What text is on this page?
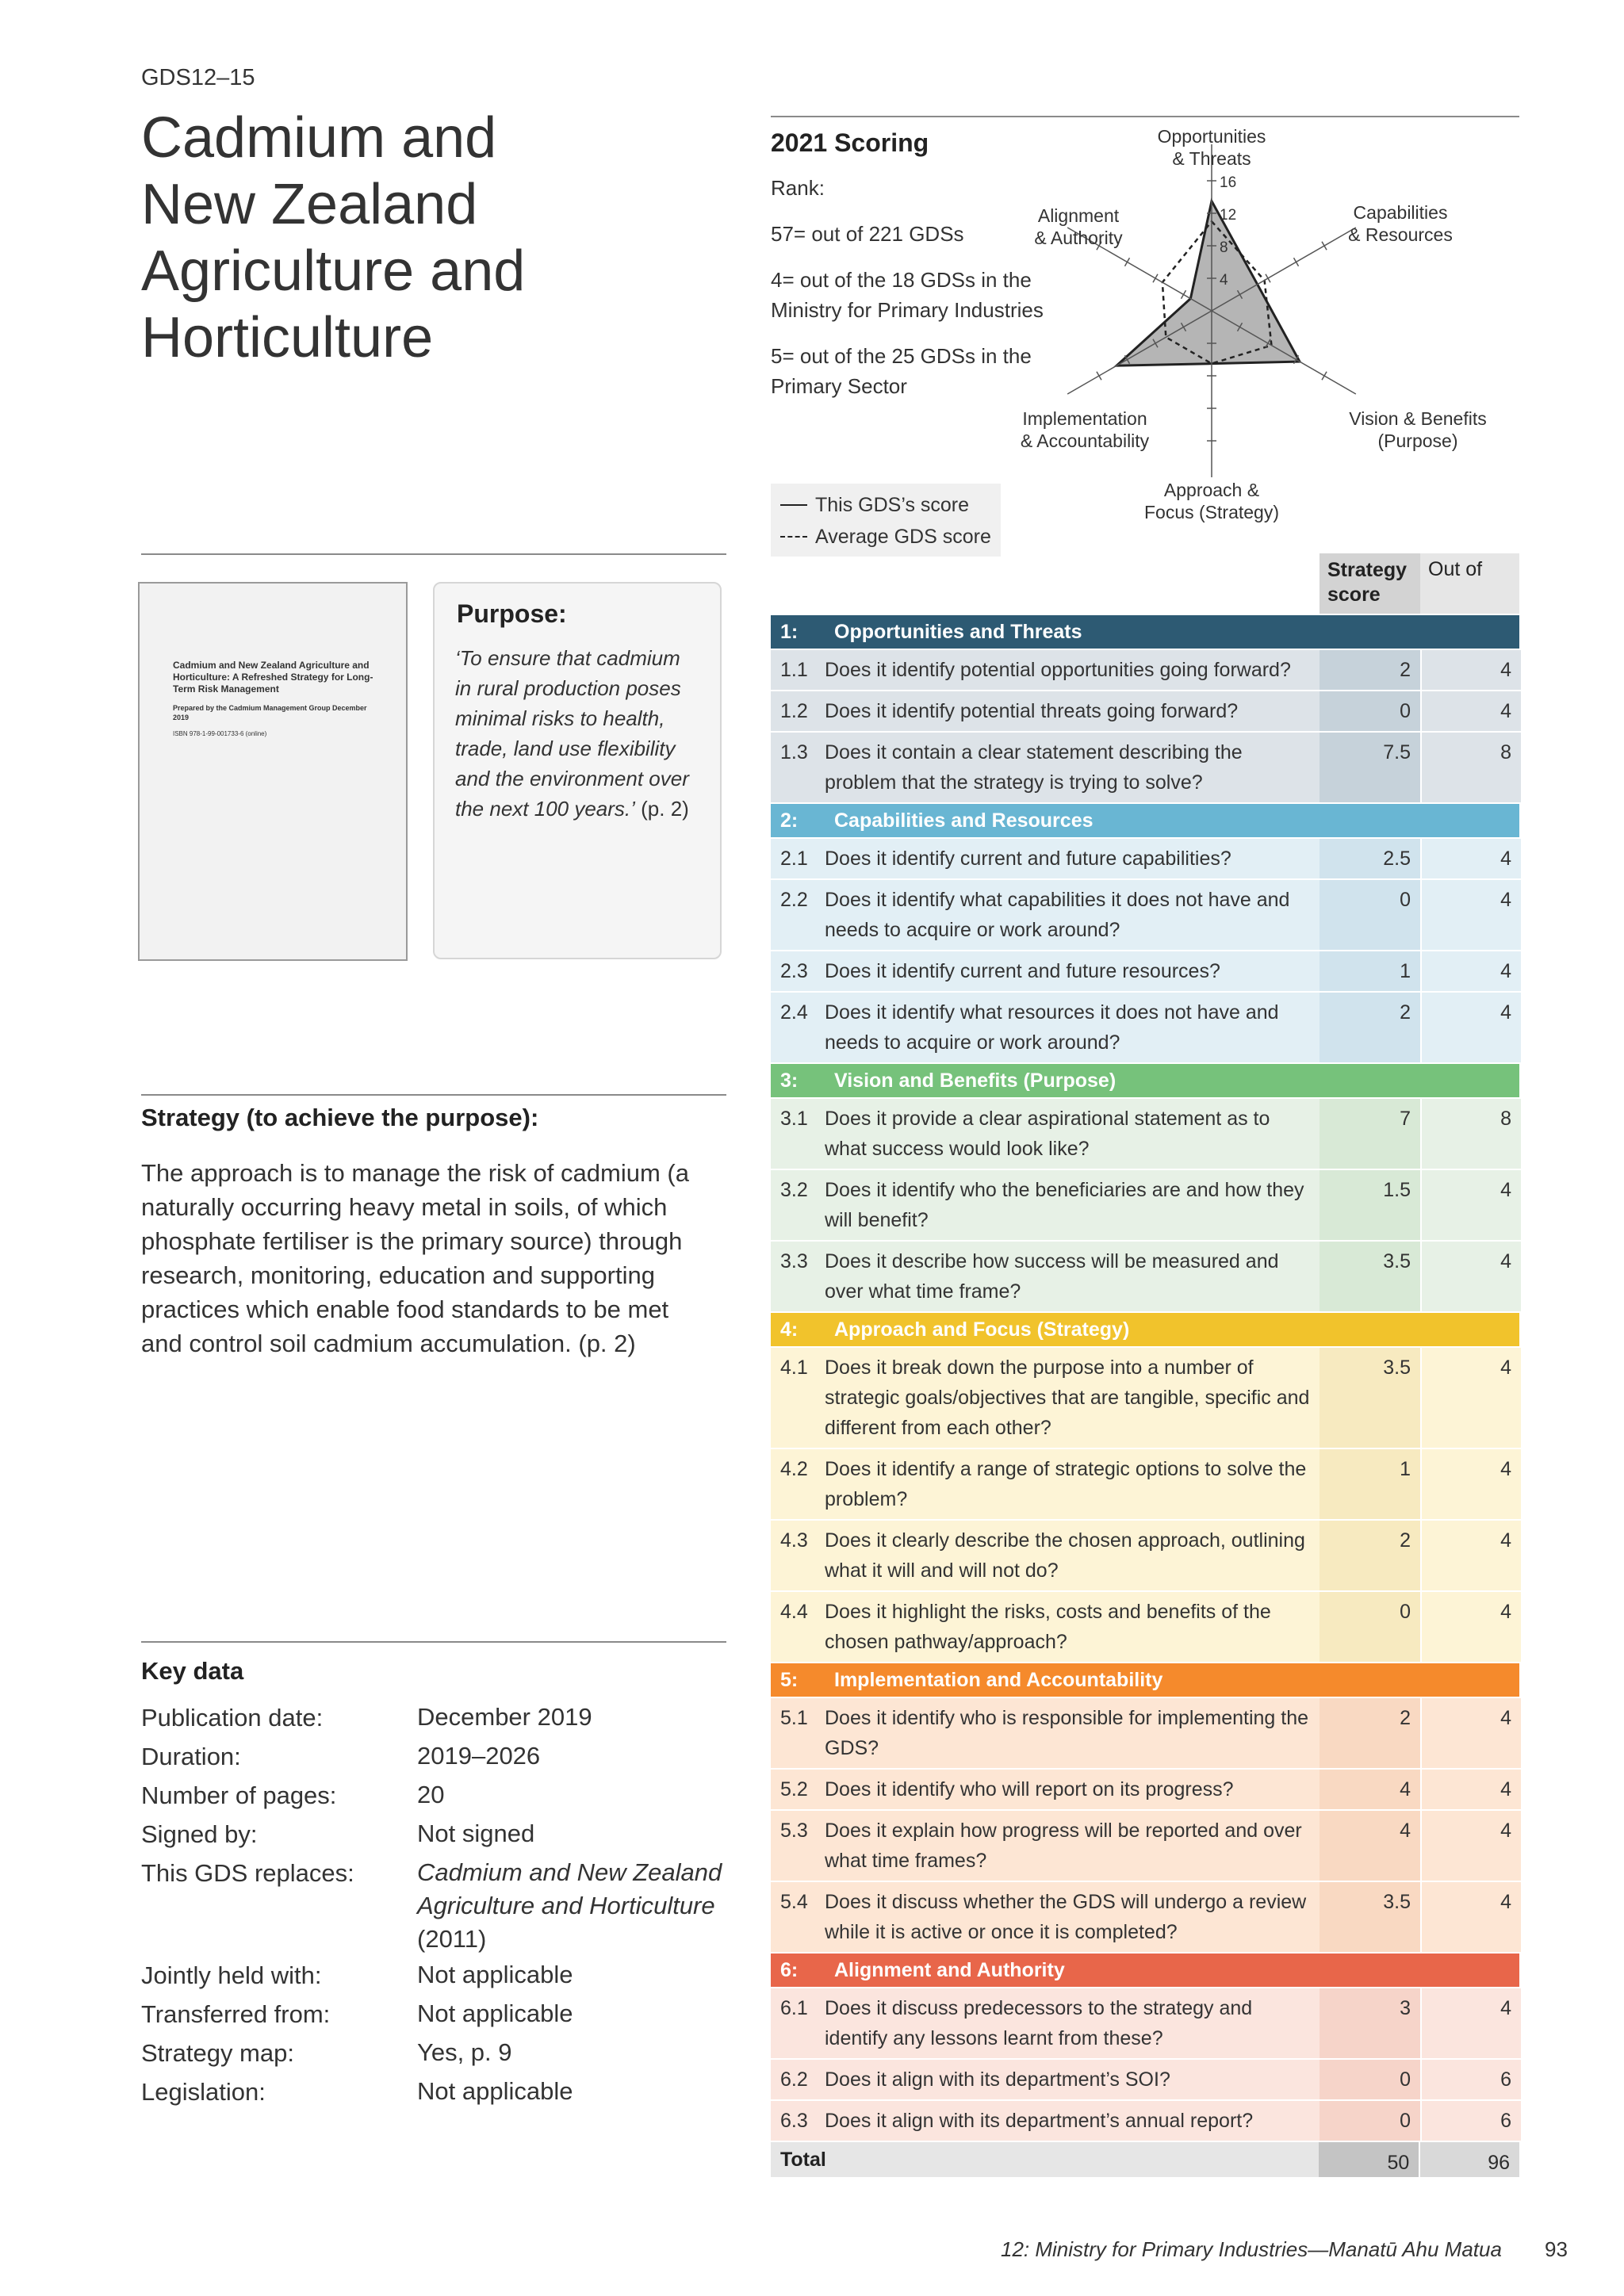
GDS12–15
Cadmium and
New Zealand
Agriculture and
Horticulture
2021 Scoring
Rank:
57= out of 221 GDSs
4= out of the 18 GDSs in the Ministry for Primary Industries
5= out of the 25 GDSs in the Primary Sector
16
12
8
4
Opportunities
& Threats
Capabilities
& Resources
Vision & Benefits
(Purpose)
Approach &
Focus (Strategy)
Implementation
& Accountability
Alignment
& Authority
This GDS’s score
Average GDS score
Cadmium and New Zealand Agriculture and Horticulture: A Refreshed Strategy for Long-Term Risk Management
Prepared by the Cadmium Management Group December 2019
ISBN 978-1-99-001733-6 (online)
Purpose:
‘To ensure that cadmium in rural production poses minimal risks to health, trade, land use flexibility and the environment over the next 100 years.’ (p. 2)
Strategy (to achieve the purpose):
The approach is to manage the risk of cadmium (a naturally occurring heavy metal in soils, of which phosphate fertiliser is the primary source) through research, monitoring, education and supporting practices which enable food standards to be met and control soil cadmium accumulation. (p. 2)
Key data
Publication date:	December 2019
Duration:	2019–2026
Number of pages:	20
Signed by:	Not signed
This GDS replaces:	Cadmium and New Zealand Agriculture and Horticulture (2011)
Jointly held with:	Not applicable
Transferred from:	Not applicable
Strategy map:	Yes, p. 9
Legislation:	Not applicable
Strategy score
Out of
1:	Opportunities and Threats
1.1 Does it identify potential opportunities going forward?	2	4
1.2 Does it identify potential threats going forward?	0	4
1.3 Does it contain a clear statement describing the problem that the strategy is trying to solve?
7.5	8
2:	Capabilities and Resources
2.1 Does it identify current and future capabilities?	2.5	4
2.2 Does it identify what capabilities it does not have and needs to acquire or work around?
0	4
2.3 Does it identify current and future resources?	1	4
2.4 Does it identify what resources it does not have and needs to acquire or work around?
2	4
3:	Vision and Benefits (Purpose)
3.1 Does it provide a clear aspirational statement as to what success would look like?
7	8
3.2 Does it identify who the beneficiaries are and how they will benefit?
1.5	4
3.3 Does it describe how success will be measured and over what time frame?
3.5	4
4:	Approach and Focus (Strategy)
4.1 Does it break down the purpose into a number of strategic goals/objectives that are tangible, specific and different from each other?
3.5	4
4.2 Does it identify a range of strategic options to solve the problem?
1	4
4.3 Does it clearly describe the chosen approach, outlining what it will and will not do?
2	4
4.4 Does it highlight the risks, costs and benefits of the chosen pathway/approach?
0	4
5:	Implementation and Accountability
5.1 Does it identify who is responsible for implementing the GDS?
2	4
5.2 Does it identify who will report on its progress?	4	4
5.3 Does it explain how progress will be reported and over what time frames?
4	4
5.4 Does it discuss whether the GDS will undergo a review while it is active or once it is completed?
3.5	4
6:	Alignment and Authority
6.1 Does it discuss predecessors to the strategy and identify any lessons learnt from these?
3	4
6.2 Does it align with its department’s SOI?	0	6
6.3 Does it align with its department’s annual report?	0	6
Total	50	96
12: Ministry for Primary Industries—Manatū Ahu Matua 93
